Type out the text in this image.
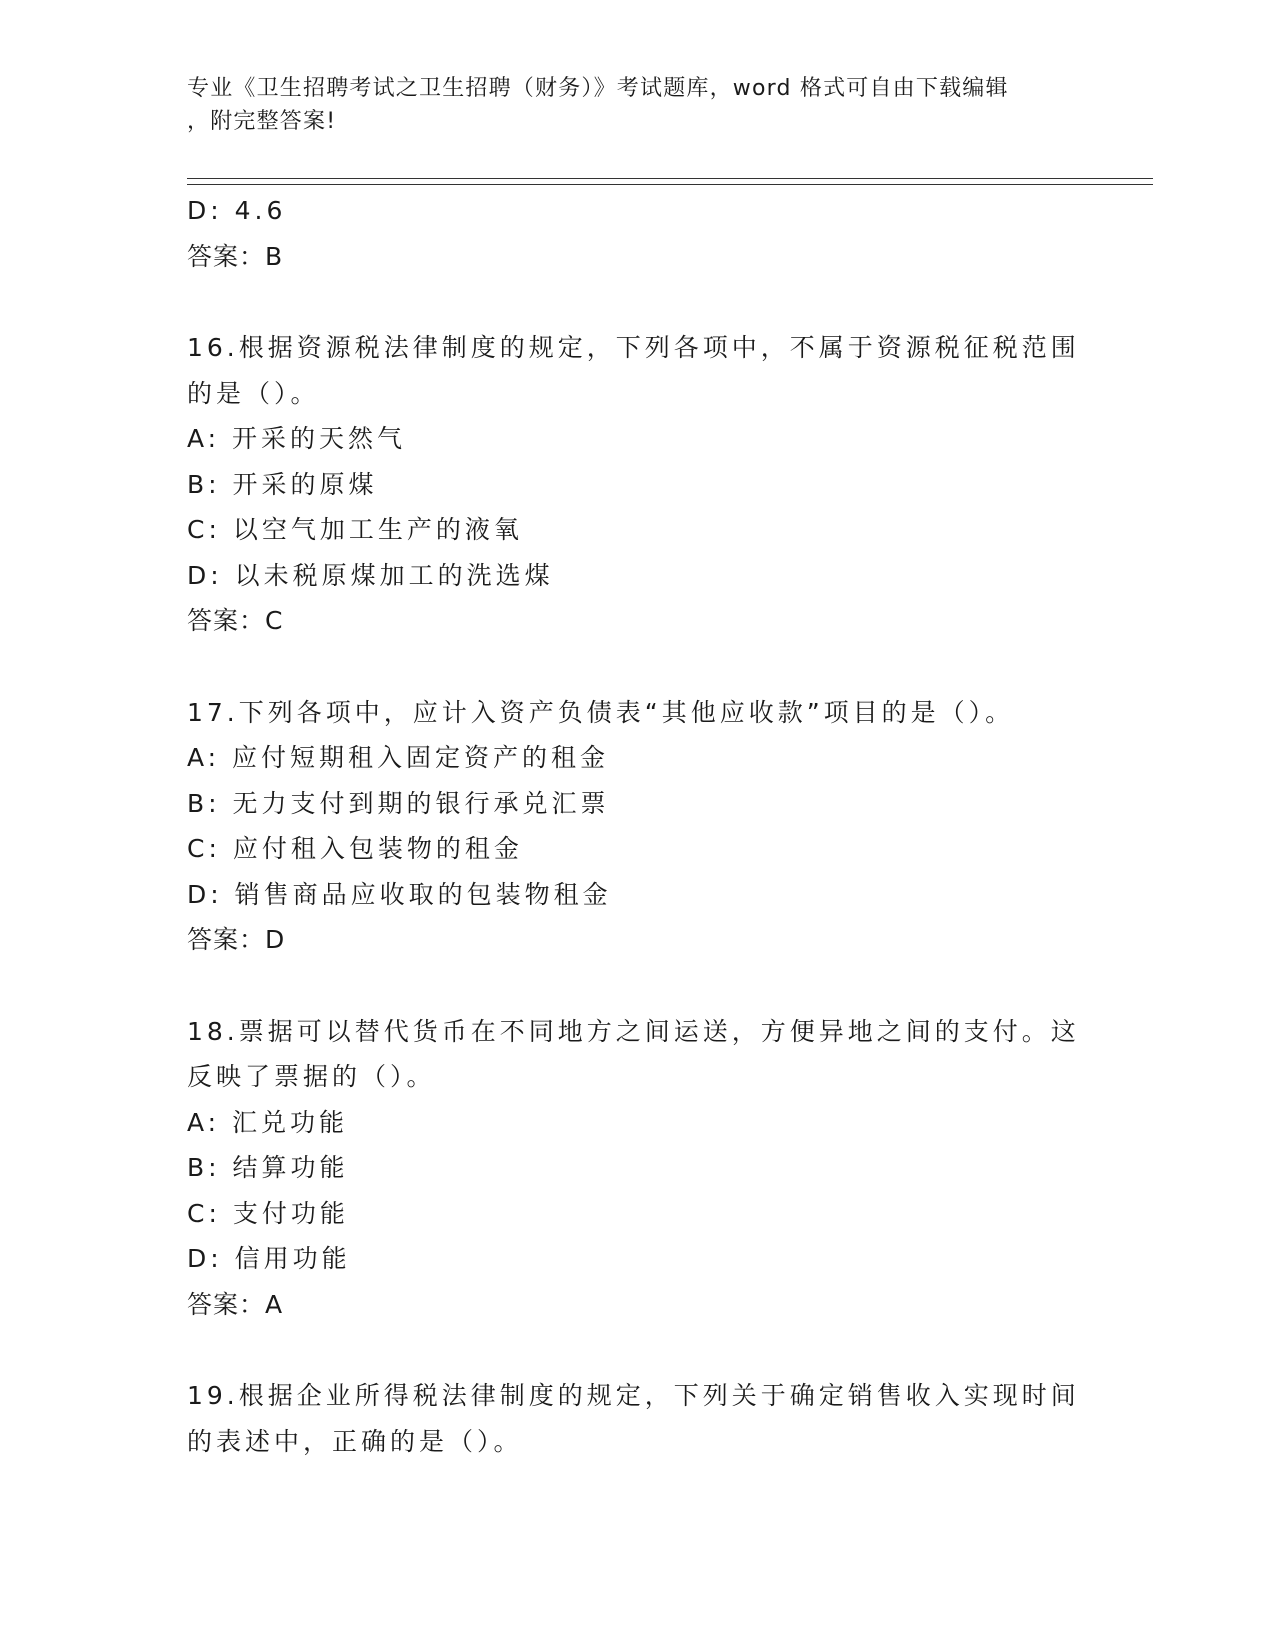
专业《卫生招聘考试之卫生招聘（财务）》考试题库，word 格式可自由下载编辑
，附完整答案!
D: 4.6
答案：B
16.根据资源税法律制度的规定，下列各项中，不属于资源税征税范围
的是（）。
A: 开采的天然气
B: 开采的原煤
C: 以空气加工生产的液氧
D: 以未税原煤加工的洗选煤
答案：C
17.下列各项中，应计入资产负债表“其他应收款”项目的是（）。
A: 应付短期租入固定资产的租金
B: 无力支付到期的银行承兑汇票
C: 应付租入包装物的租金
D: 销售商品应收取的包装物租金
答案：D
18.票据可以替代货币在不同地方之间运送，方便异地之间的支付。这
反映了票据的（）。
A: 汇兑功能
B: 结算功能
C: 支付功能
D: 信用功能
答案：A
19.根据企业所得税法律制度的规定，下列关于确定销售收入实现时间
的表述中，正确的是（）。
